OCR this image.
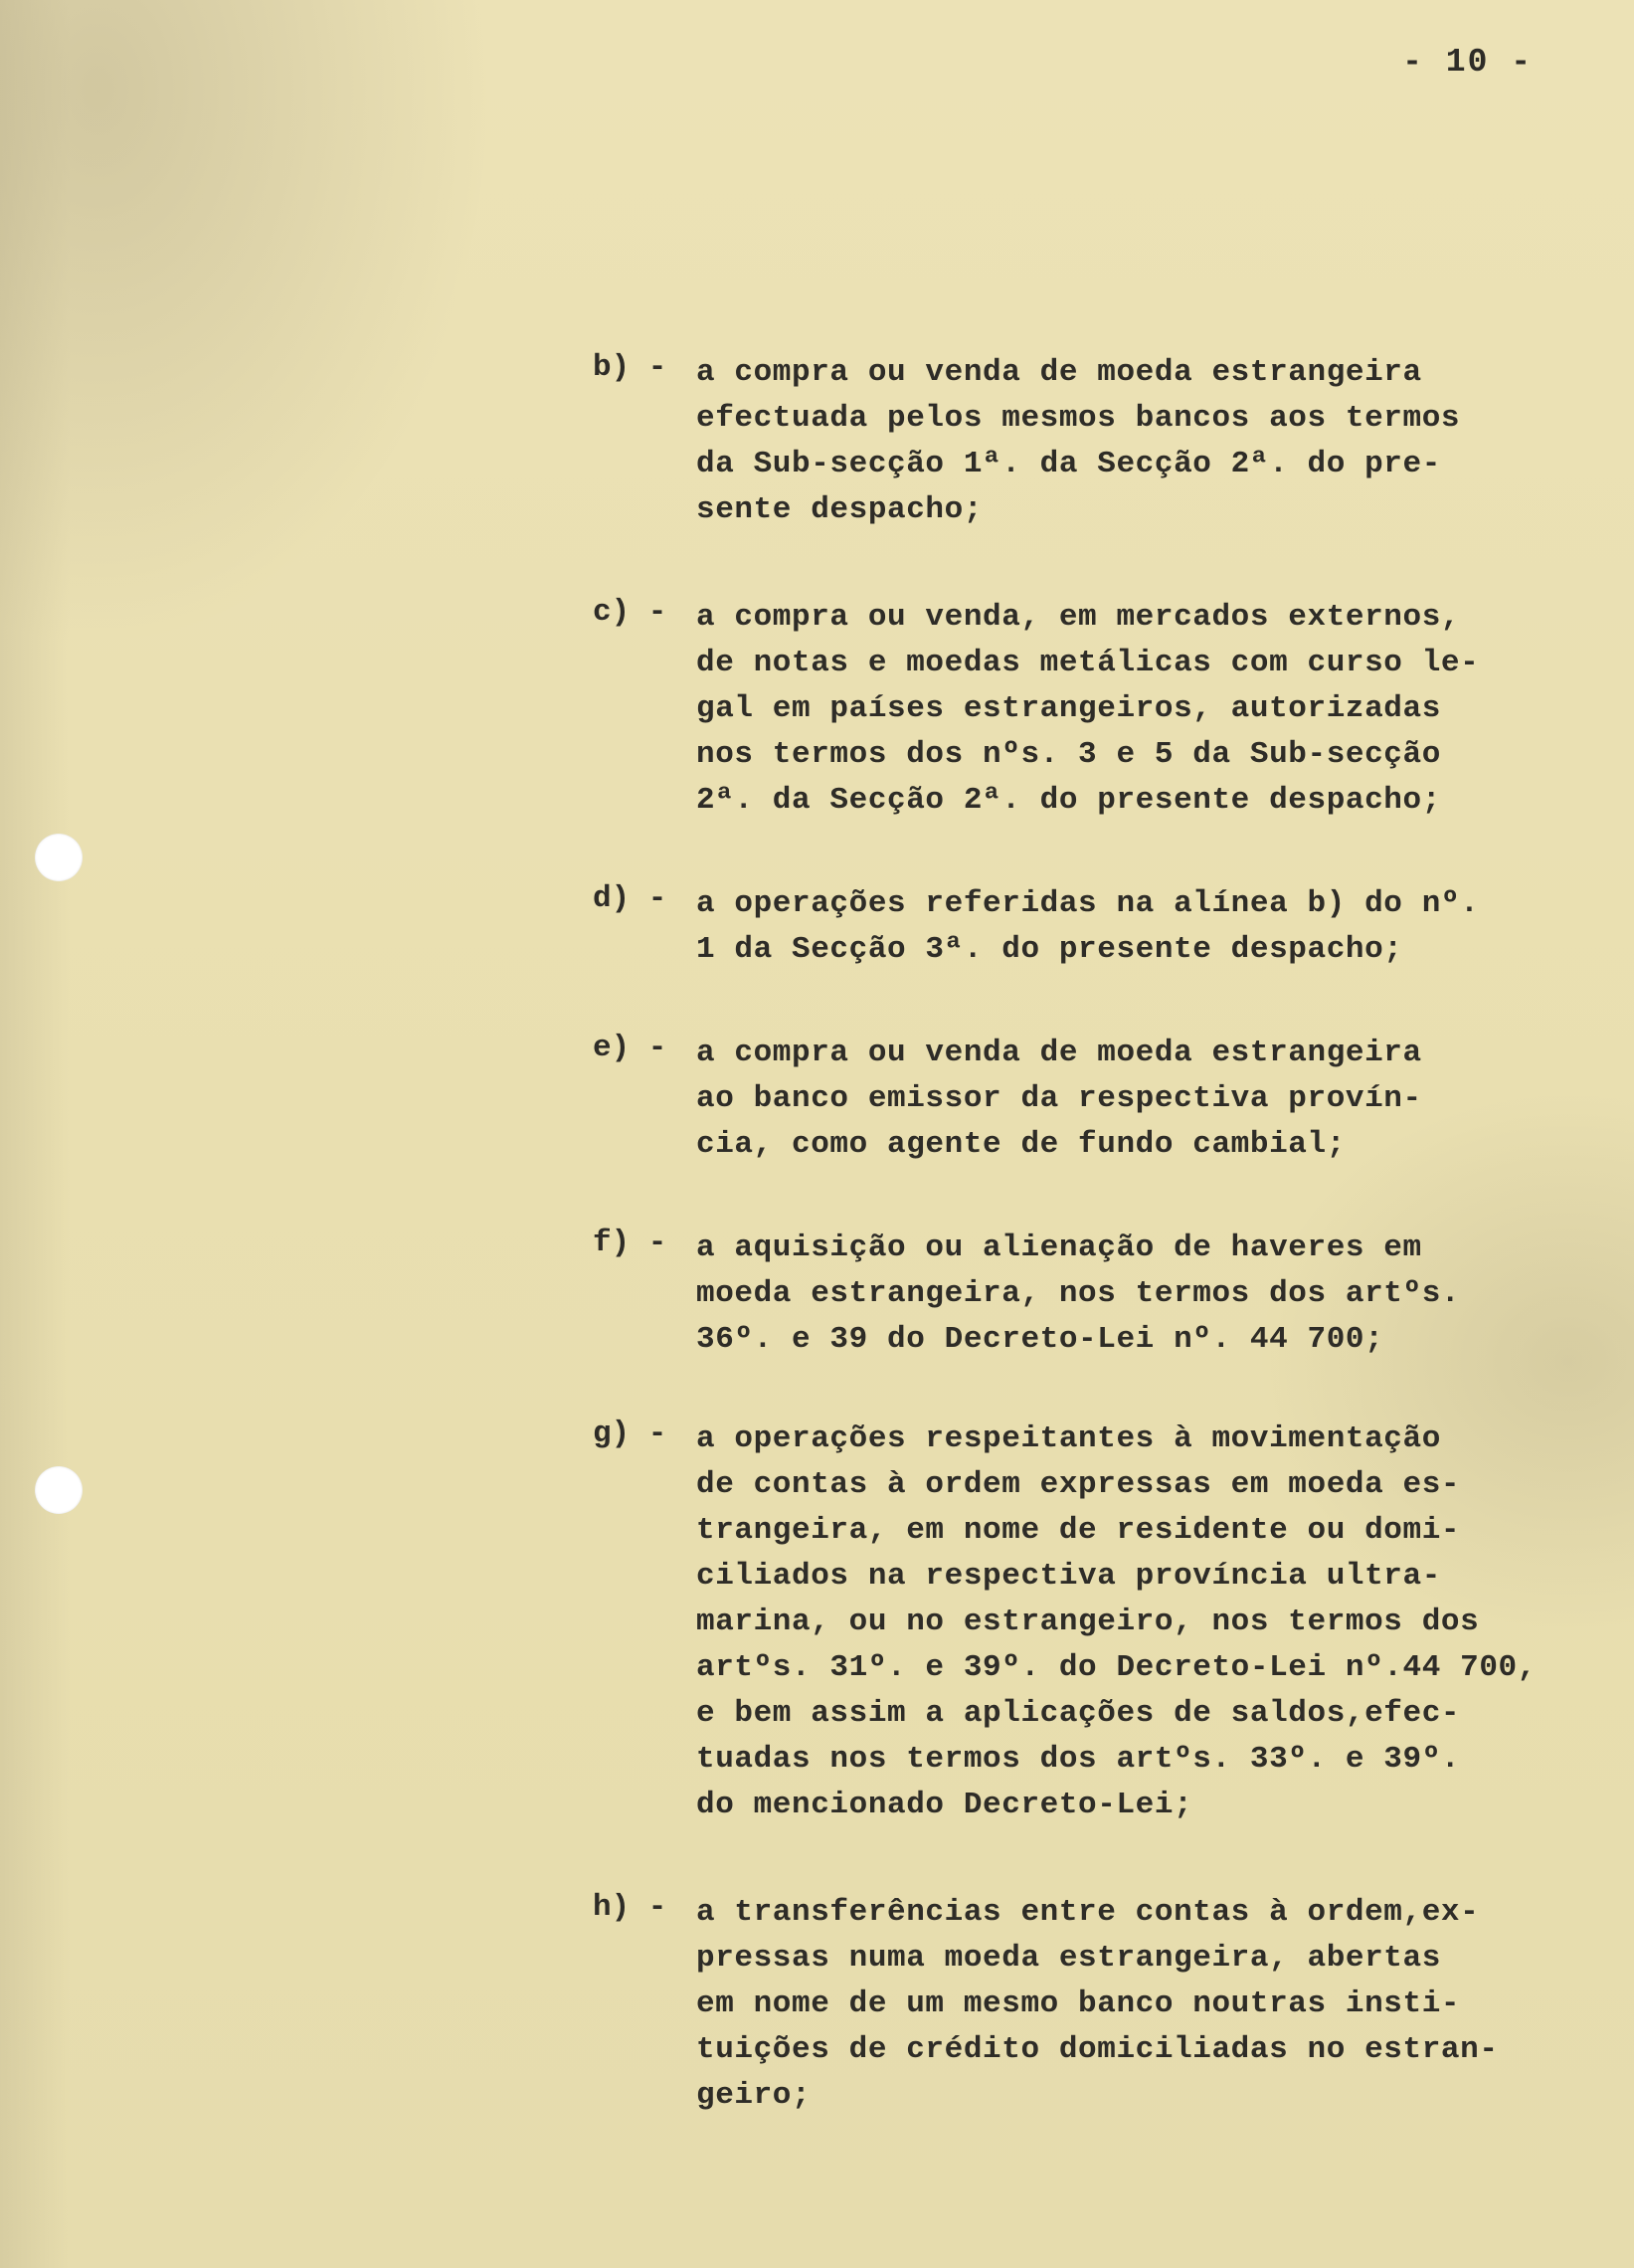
- 10 -
b) - a compra ou venda de moeda estrangeira
efectuada pelos mesmos bancos aos termos
da Sub-secção 1ª. da Secção 2ª. do pre-
sente despacho;
c) - a compra ou venda, em mercados externos,
de notas e moedas metálicas com curso le-
gal em países estrangeiros, autorizadas
nos termos dos nºs. 3 e 5 da Sub-secção
2ª. da Secção 2ª. do presente despacho;
d) - a operações referidas na alínea b) do nº.
1 da Secção 3ª. do presente despacho;
e) - a compra ou venda de moeda estrangeira
ao banco emissor da respectiva provín-
cia, como agente de fundo cambial;
f) - a aquisição ou alienação de haveres em
moeda estrangeira, nos termos dos artºs.
36º. e 39 do Decreto-Lei nº. 44 700;
g) - a operações respeitantes à movimentação
de contas à ordem expressas em moeda es-
trangeira, em nome de residente ou domi-
ciliados na respectiva província ultra-
marina, ou no estrangeiro, nos termos dos
artºs. 31º. e 39º. do Decreto-Lei nº.44 700,
e bem assim a aplicações de saldos,efec-
tuadas nos termos dos artºs. 33º. e 39º.
do mencionado Decreto-Lei;
h) - a transferências entre contas à ordem,ex-
pressas numa moeda estrangeira, abertas
em nome de um mesmo banco noutras insti-
tuições de crédito domiciliadas no estran-
geiro;
